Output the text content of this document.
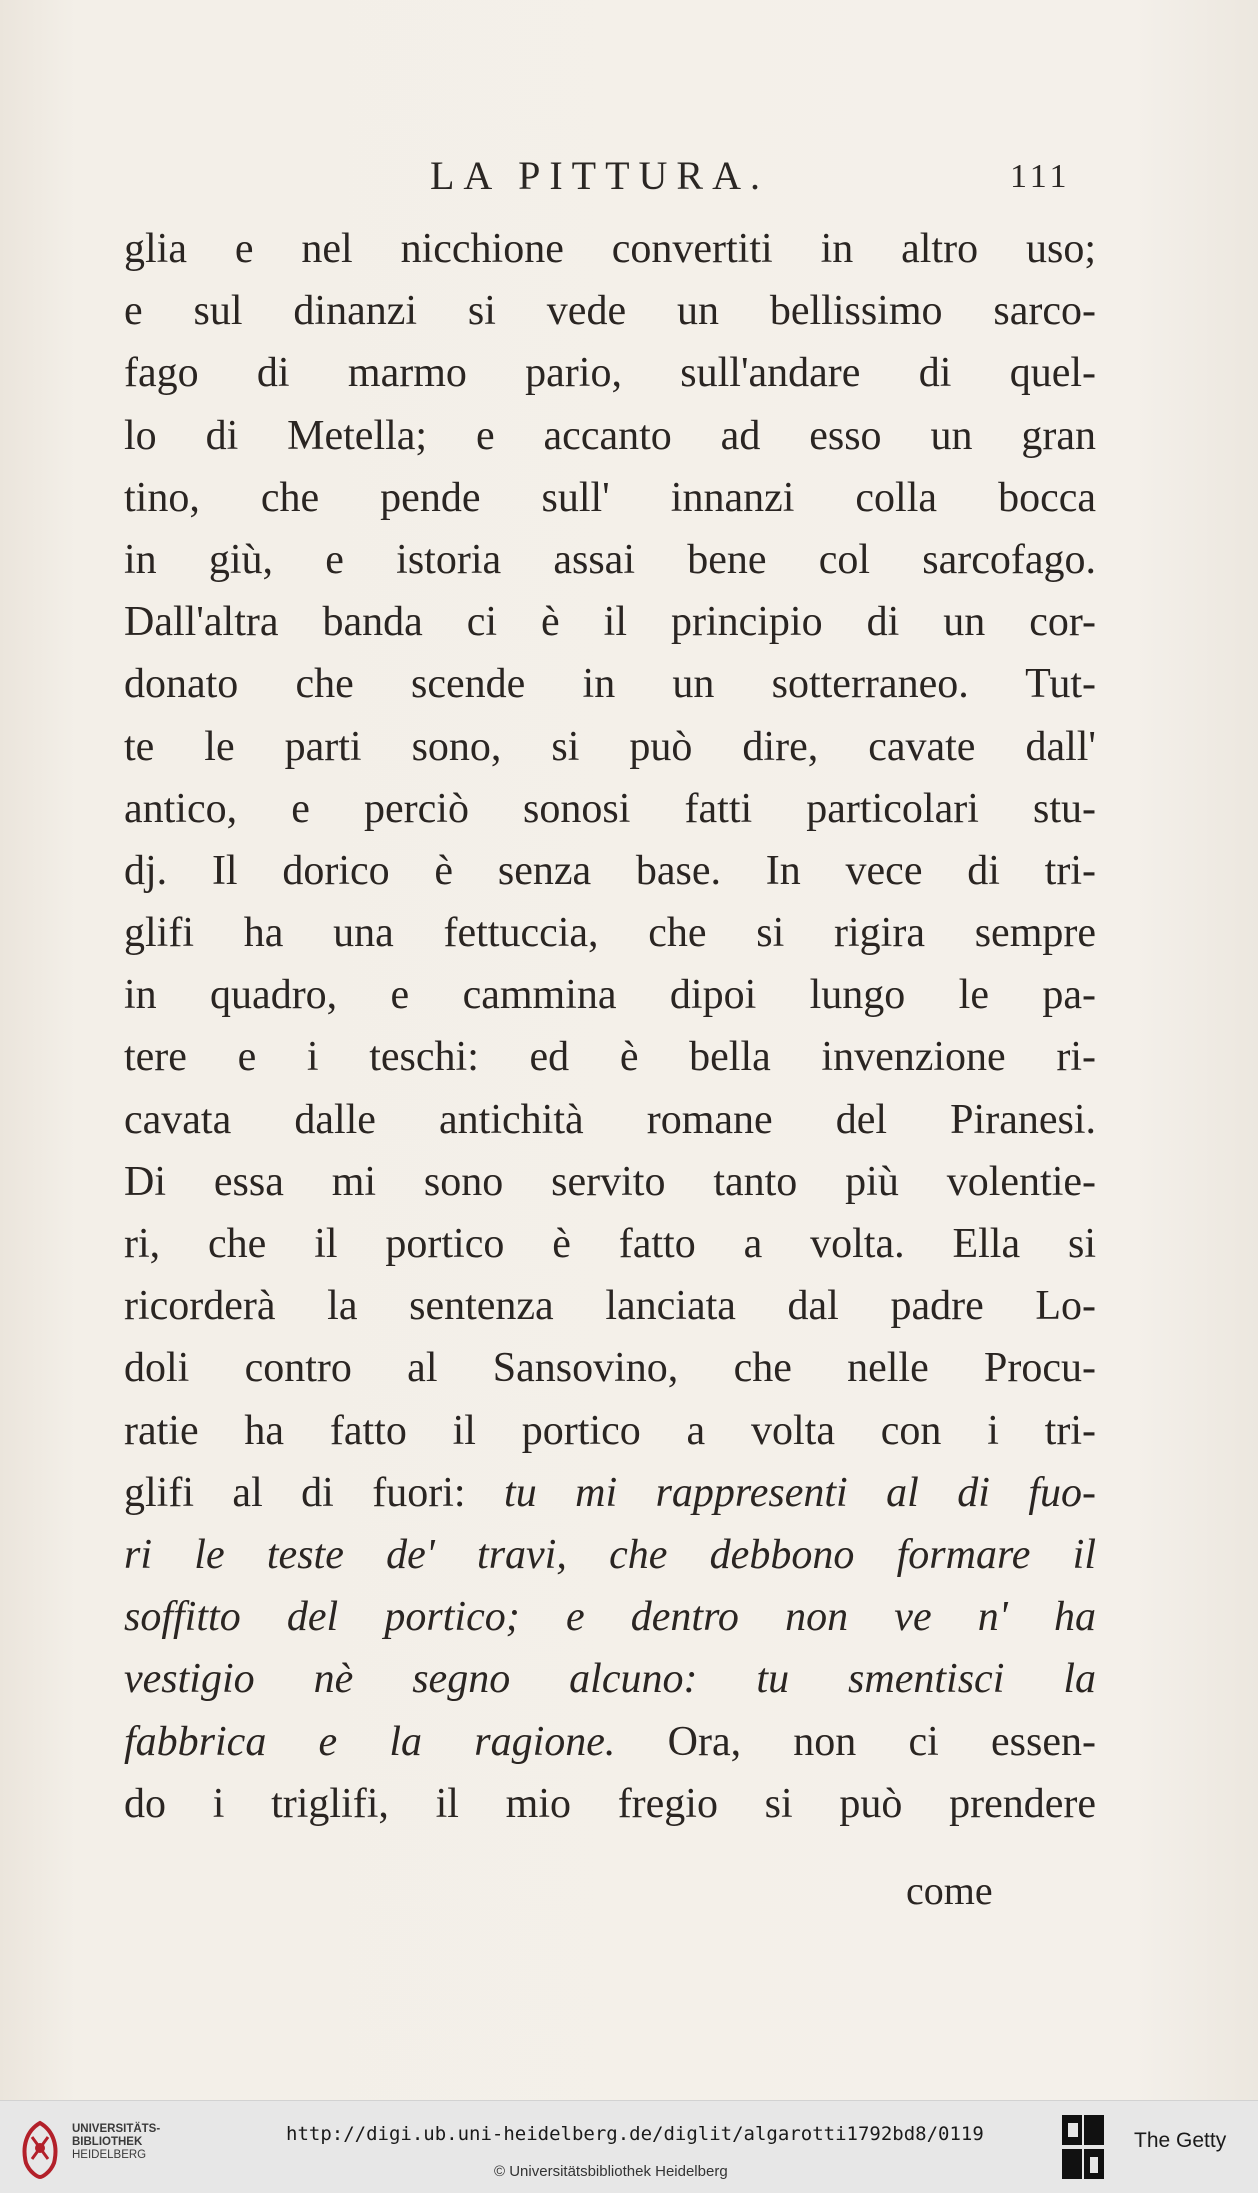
LA PITTURA.	111
glia e nel nicchione convertiti in altro uso;
e sul dinanzi si vede un bellissimo sarco-
fago di marmo pario, sull'andare di quel-
lo di Metella; e accanto ad esso un gran
tino, che pende sull' innanzi colla bocca
in giù, e istoria assai bene col sarcofago.
Dall'altra banda ci è il principio di un cor-
donato che scende in un sotterraneo. Tut-
te le parti sono, si può dire, cavate dall'
antico, e perciò sonosi fatti particolari stu-
dj. Il dorico è senza base. In vece di tri-
glifi ha una fettuccia, che si rigira sempre
in quadro, e cammina dipoi lungo le pa-
tere e i teschi: ed è bella invenzione ri-
cavata dalle antichità romane del Piranesi.
Di essa mi sono servito tanto più volentie-
ri, che il portico è fatto a volta. Ella si
ricorderà la sentenza lanciata dal padre Lo-
doli contro al Sansovino, che nelle Procu-
ratie ha fatto il portico a volta con i tri-
glifi al di fuori: tu mi rappresenti al di fuo-
ri le teste de' travi, che debbono formare il
soffitto del portico; e dentro non ve n' ha
vestigio nè segno alcuno: tu smentisci la
fabbrica e la ragione. Ora, non ci essen-
do i triglifi, il mio fregio si può prendere
come
UNIVERSITÄTS-
BIBLIOTHEK
HEIDELBERG
http://digi.ub.uni-heidelberg.de/diglit/algarotti1792bd8/0119
© Universitätsbibliothek Heidelberg
The Getty
